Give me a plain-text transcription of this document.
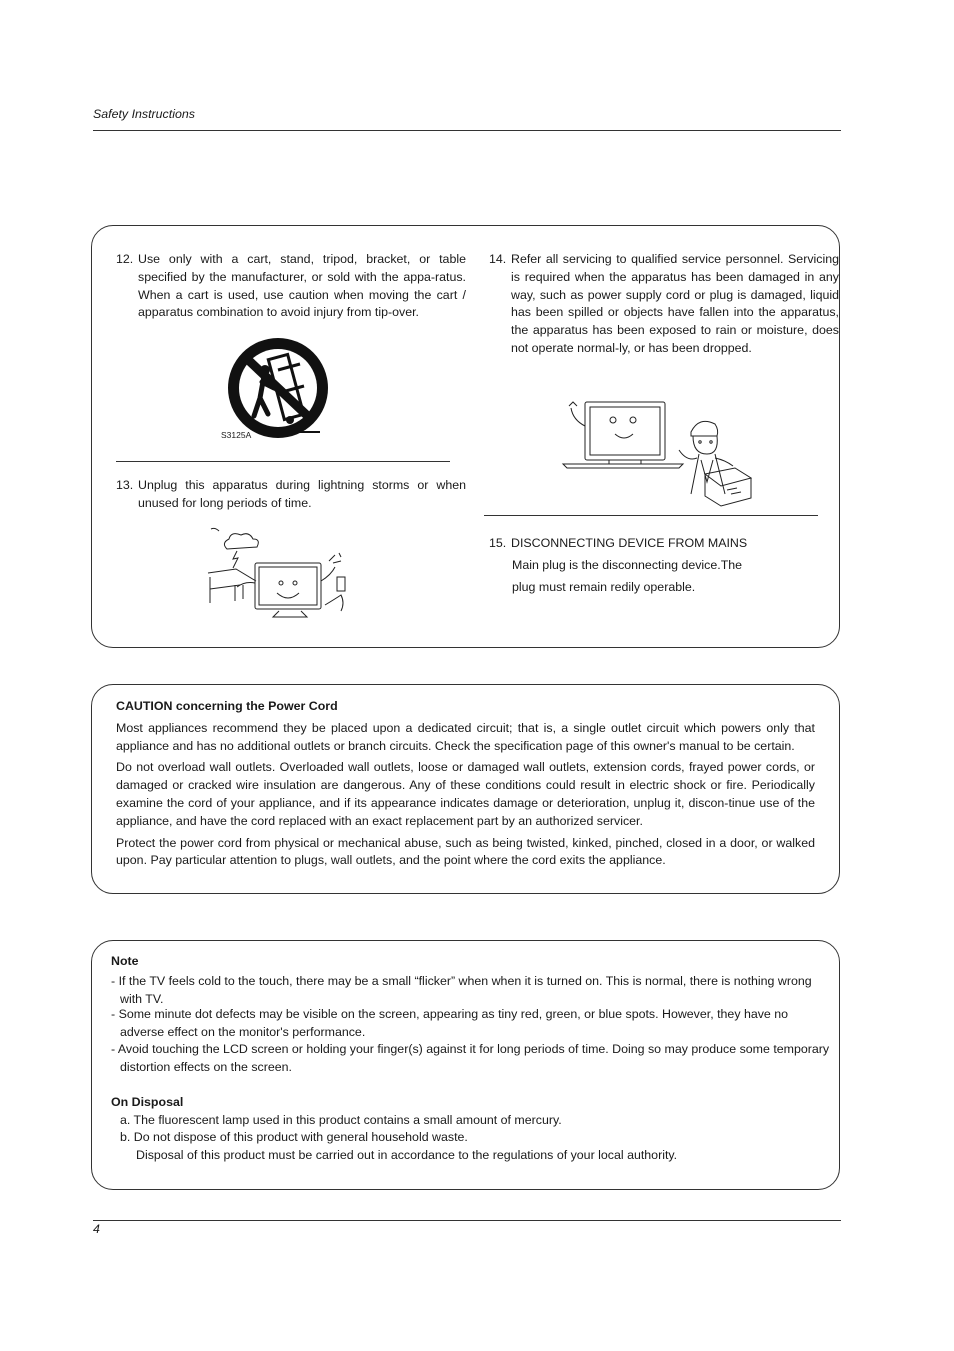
Safety Instructions
12. Use only with a cart, stand, tripod, bracket, or table specified by the manufacturer, or sold with the appa-ratus. When a cart is used, use caution when moving the cart / apparatus combination to avoid injury from tip-over.
S3125A
13. Unplug this apparatus during lightning storms or when unused for long periods of time.
14. Refer all servicing to qualified service personnel. Servicing is required when the apparatus has been damaged in any way, such as power supply cord or plug is damaged, liquid has been spilled or objects have fallen into the apparatus, the apparatus has been exposed to rain or moisture, does not operate normal-ly, or has been dropped.
15. DISCONNECTING DEVICE FROM MAINS
Main plug is the disconnecting device.The
plug must remain redily operable.

CAUTION concerning the Power Cord

Most appliances recommend they be placed upon a dedicated circuit; that is, a single outlet circuit which powers only that appliance and has no additional outlets or branch circuits. Check the specification page of this owner's manual to be certain.

Do not overload wall outlets. Overloaded wall outlets, loose or damaged wall outlets, extension cords, frayed power cords, or damaged or cracked wire insulation are dangerous. Any of these conditions could result in electric shock or fire. Periodically examine the cord of your appliance, and if its appearance indicates damage or deterioration, unplug it, discon-tinue use of the appliance, and have the cord replaced with an exact replacement part by an authorized servicer.

Protect the power cord from physical or mechanical abuse, such as being twisted, kinked, pinched, closed in a door, or walked upon. Pay particular attention to plugs, wall outlets, and the point where the cord exits the appliance.

Note
- If the TV feels cold to the touch, there may be a small “flicker” when when it is turned on. This is normal, there is nothing wrong with TV.
- Some minute dot defects may be visible on the screen, appearing as tiny red, green, or blue spots. However, they have no adverse effect on the monitor's performance.
- Avoid touching the LCD screen or holding your finger(s) against it for long periods of time. Doing so may produce some temporary distortion effects on the screen.
On Disposal
a. The fluorescent lamp used in this product contains a small amount of mercury.
b. Do not dispose of this product with general household waste.
Disposal of this product must be carried out in accordance to the regulations of your local authority.
4
